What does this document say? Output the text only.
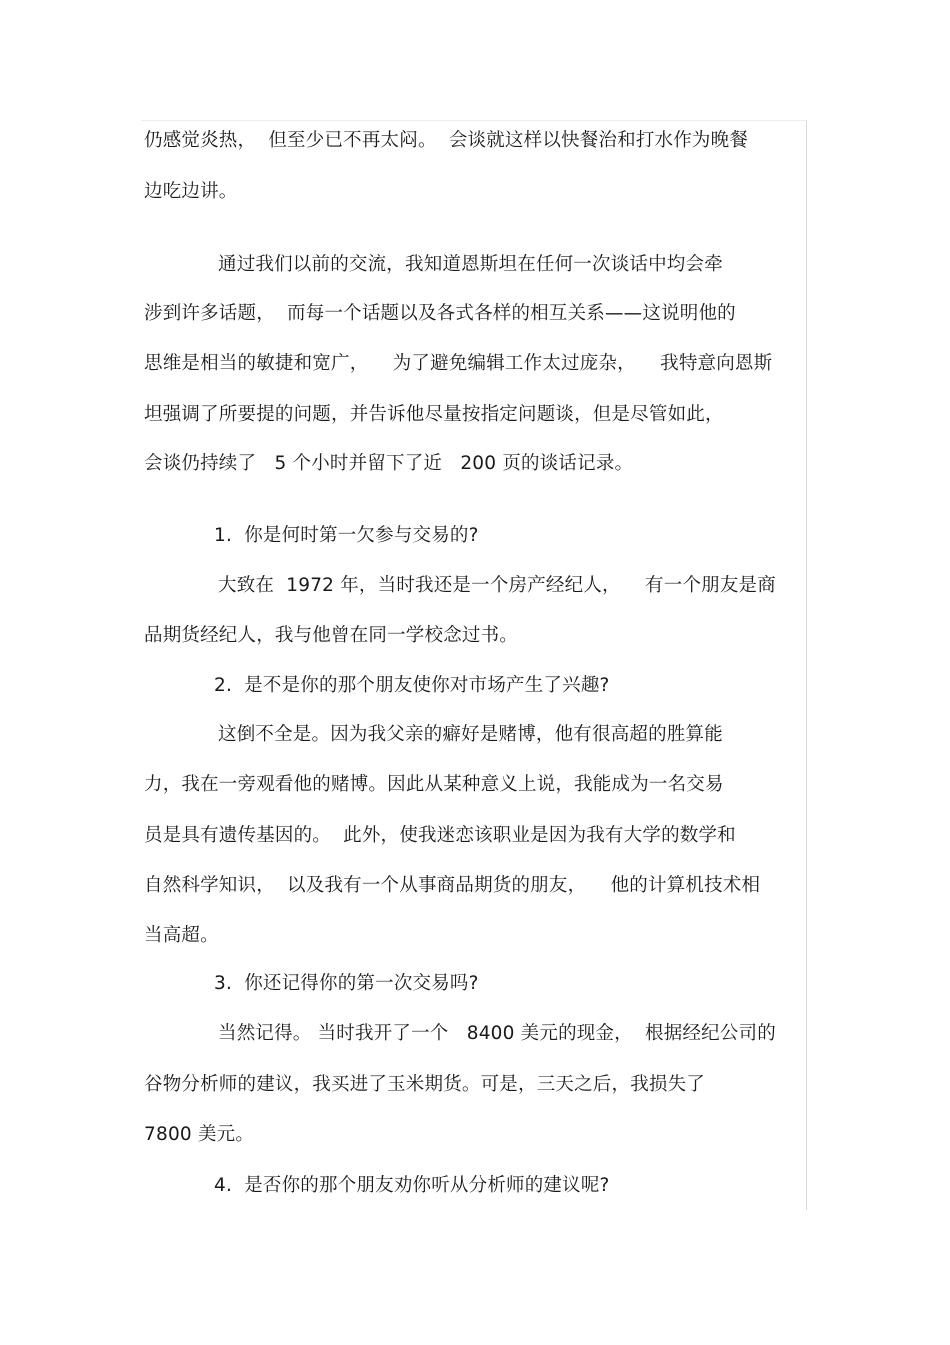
仍感觉炎热，  但至少已不再太闷。  会谈就这样以快餐治和打水作为晚餐
边吃边讲。
通过我们以前的交流，我知道恩斯坦在任何一次谈话中均会牵
涉到许多话题，  而每一个话题以及各式各样的相互关系——这说明他的
思维是相当的敏捷和宽广，    为了避免编辑工作太过庞杂，    我特意向恩斯
坦强调了所要提的问题，并告诉他尽量按指定问题谈，但是尽管如此，
会谈仍持续了   5 个小时并留下了近   200 页的谈话记录。
1.  你是何时第一欠参与交易的?
大致在  1972 年，当时我还是一个房产经纪人，    有一个朋友是商
品期货经纪人，我与他曾在同一学校念过书。
2.  是不是你的那个朋友使你对市场产生了兴趣?
这倒不全是。因为我父亲的癖好是赌博，他有很高超的胜算能
力，我在一旁观看他的赌博。因此从某种意义上说，我能成为一名交易
员是具有遗传基因的。  此外，使我迷恋该职业是因为我有大学的数学和
自然科学知识，  以及我有一个从事商品期货的朋友，    他的计算机技术相
当高超。
3.  你还记得你的第一次交易吗?
当然记得。 当时我开了一个   8400 美元的现金，  根据经纪公司的
谷物分析师的建议，我买进了玉米期货。可是，三天之后，我损失了
7800 美元。
4.  是否你的那个朋友劝你听从分析师的建议呢?
